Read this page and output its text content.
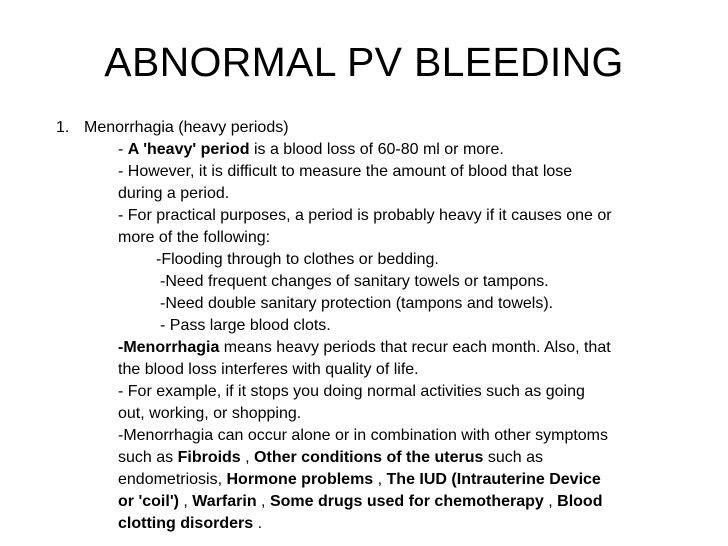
ABNORMAL PV BLEEDING
1. Menorrhagia (heavy periods)
- A 'heavy' period is a blood loss of 60-80 ml or more.
- However, it is difficult to measure the amount of blood that lose
during a period.
- For practical purposes, a period is probably heavy if it causes one or
more of the following:
-Flooding through to clothes or bedding.
-Need frequent changes of sanitary towels or tampons.
-Need double sanitary protection (tampons and towels).
- Pass large blood clots.
-Menorrhagia means heavy periods that recur each month. Also, that
the blood loss interferes with quality of life.
- For example, if it stops you doing normal activities such as going
out, working, or shopping.
-Menorrhagia can occur alone or in combination with other symptoms
such as Fibroids , Other conditions of the uterus such as
endometriosis, Hormone problems , The IUD (Intrauterine Device
or 'coil') , Warfarin , Some drugs used for chemotherapy , Blood
clotting disorders .
